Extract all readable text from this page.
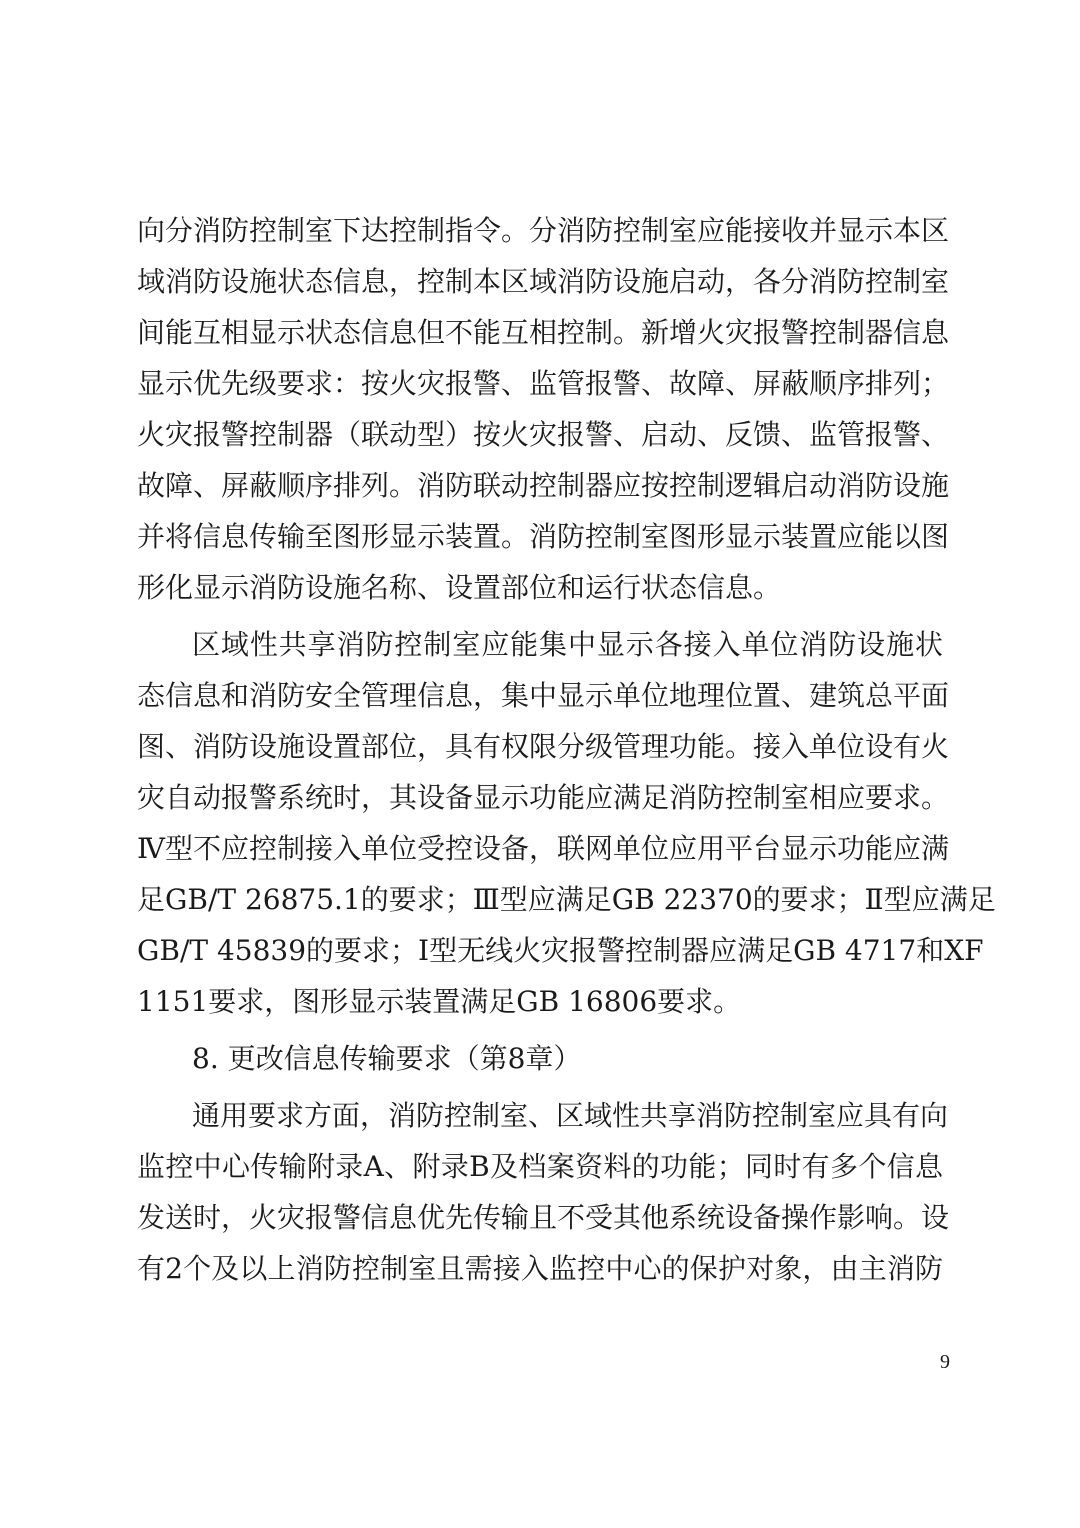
向分消防控制室下达控制指令。分消防控制室应能接收并显示本区
域消防设施状态信息，控制本区域消防设施启动，各分消防控制室
间能互相显示状态信息但不能互相控制。新增火灾报警控制器信息
显示优先级要求：按火灾报警、监管报警、故障、屏蔽顺序排列；
火灾报警控制器（联动型）按火灾报警、启动、反馈、监管报警、
故障、屏蔽顺序排列。消防联动控制器应按控制逻辑启动消防设施
并将信息传输至图形显示装置。消防控制室图形显示装置应能以图
形化显示消防设施名称、设置部位和运行状态信息。
区域性共享消防控制室应能集中显示各接入单位消防设施状
态信息和消防安全管理信息，集中显示单位地理位置、建筑总平面
图、消防设施设置部位，具有权限分级管理功能。接入单位设有火
灾自动报警系统时，其设备显示功能应满足消防控制室相应要求。
Ⅳ型不应控制接入单位受控设备，联网单位应用平台显示功能应满
足GB/T 26875.1的要求；Ⅲ型应满足GB 22370的要求；Ⅱ型应满足
GB/T 45839的要求；Ⅰ型无线火灾报警控制器应满足GB 4717和XF
1151要求，图形显示装置满足GB 16806要求。
8. 更改信息传输要求（第8章）
通用要求方面，消防控制室、区域性共享消防控制室应具有向
监控中心传输附录A、附录B及档案资料的功能；同时有多个信息
发送时，火灾报警信息优先传输且不受其他系统设备操作影响。设
有2个及以上消防控制室且需接入监控中心的保护对象，由主消防
9
